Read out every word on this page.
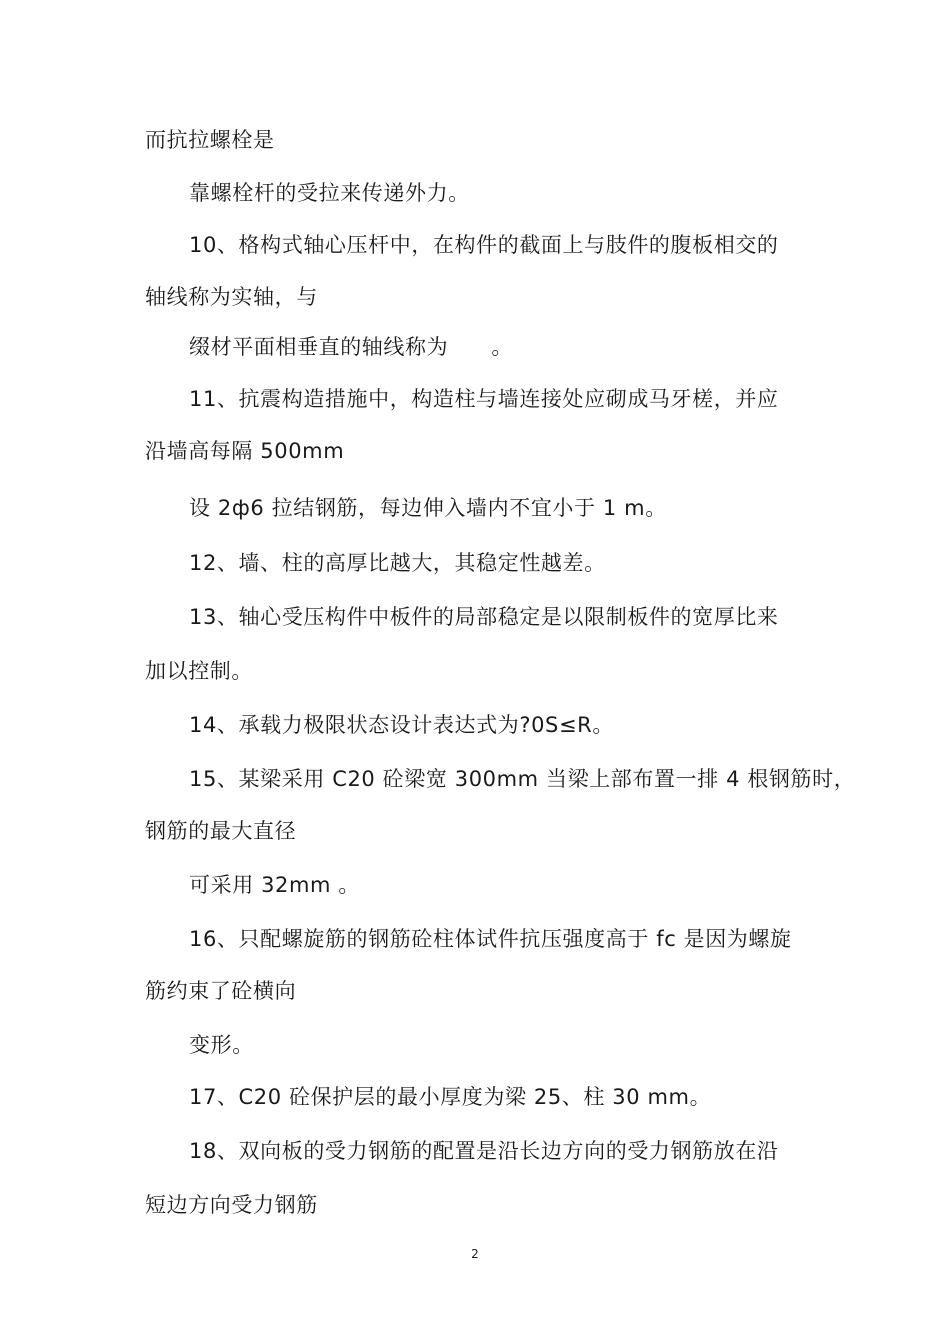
而抗拉螺栓是
靠螺栓杆的受拉来传递外力。
10、格构式轴心压杆中，在构件的截面上与肢件的腹板相交的
轴线称为实轴，与
缀材平面相垂直的轴线称为　　。
11、抗震构造措施中，构造柱与墙连接处应砌成马牙槎，并应
沿墙高每隔 500mm
设 2ф6 拉结钢筋，每边伸入墙内不宜小于 1 m。
12、墙、柱的高厚比越大，其稳定性越差。
13、轴心受压构件中板件的局部稳定是以限制板件的宽厚比来
加以控制。
14、承载力极限状态设计表达式为?0S≤R。
15、某梁采用 C20 砼梁宽 300mm 当梁上部布置一排 4 根钢筋时，
钢筋的最大直径
可采用 32mm 。
16、只配螺旋筋的钢筋砼柱体试件抗压强度高于 fc 是因为螺旋
筋约束了砼横向
变形。
17、C20 砼保护层的最小厚度为梁 25、柱 30 mm。
18、双向板的受力钢筋的配置是沿长边方向的受力钢筋放在沿
短边方向受力钢筋
2
